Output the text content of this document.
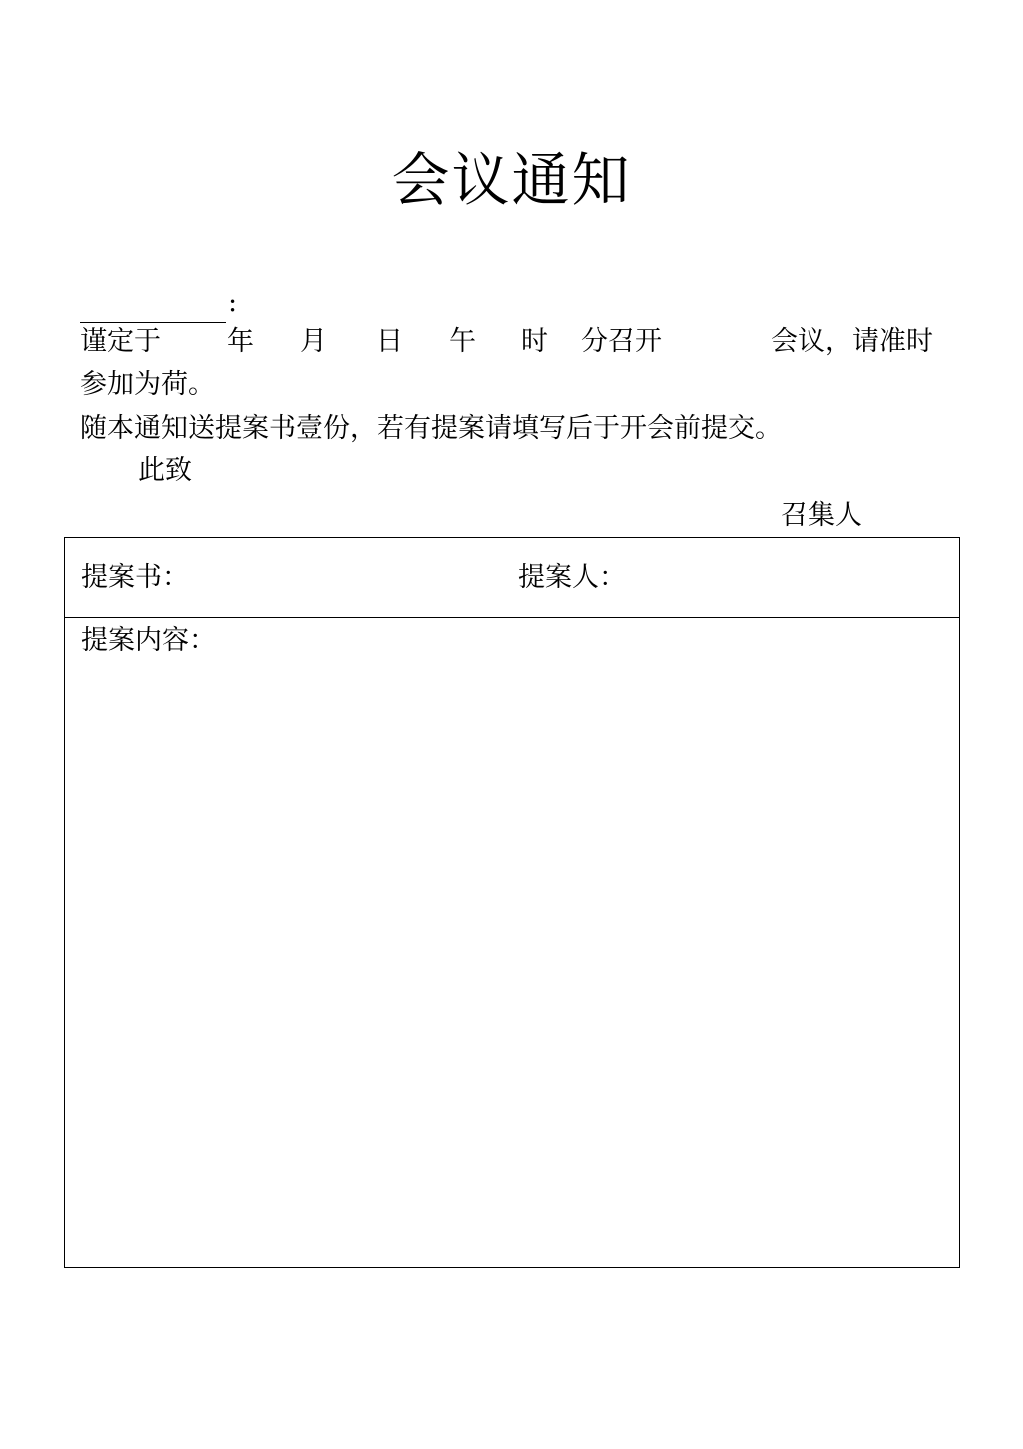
会议通知
:
谨定于 年 月 日 午 时 分召开	会议，请准时
参加为荷。
随本通知送提案书壹份，若有提案请填写后于开会前提交。
此致
召集人
提案书：	提案人：
提案内容：
